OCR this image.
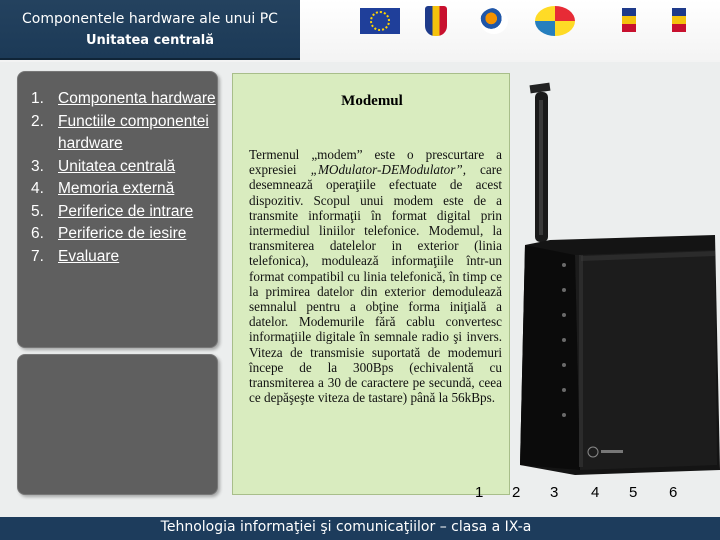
Componentele hardware ale unui PC
Unitatea centrală
1. Componenta hardware
2. Functiile componentei hardware
3. Unitatea centrală
4. Memoria externă
5. Periferice de intrare
6. Periferice de iesire
7. Evaluare
Modemul
Termenul „modem” este o prescurtare a expresiei „MOdulator-DEModulator”, care desemnează operaţiile efectuate de acest dispozitiv. Scopul unui modem este de a transmite informaţii în format digital prin intermediul liniilor telefonice. Modemul, la transmiterea datelelor in exterior (linia telefonica), modulează informaţiile într-un format compatibil cu linia telefonică, în timp ce la primirea datelor din exterior demodulează semnalul pentru a obţine forma iniţială a datelor. Modemurile fără cablu convertesc informaţiile digitale în semnale radio şi invers. Viteza de transmisie suportată de modemuri începe de la 300Bps (echivalentă cu transmiterea a 30 de caractere pe secundă, ceea ce depăşeşte viteza de tastare) până la 56kBps.
1 2 3 4 5 6
Tehnologia informaţiei şi comunicaţiilor – clasa a IX-a
